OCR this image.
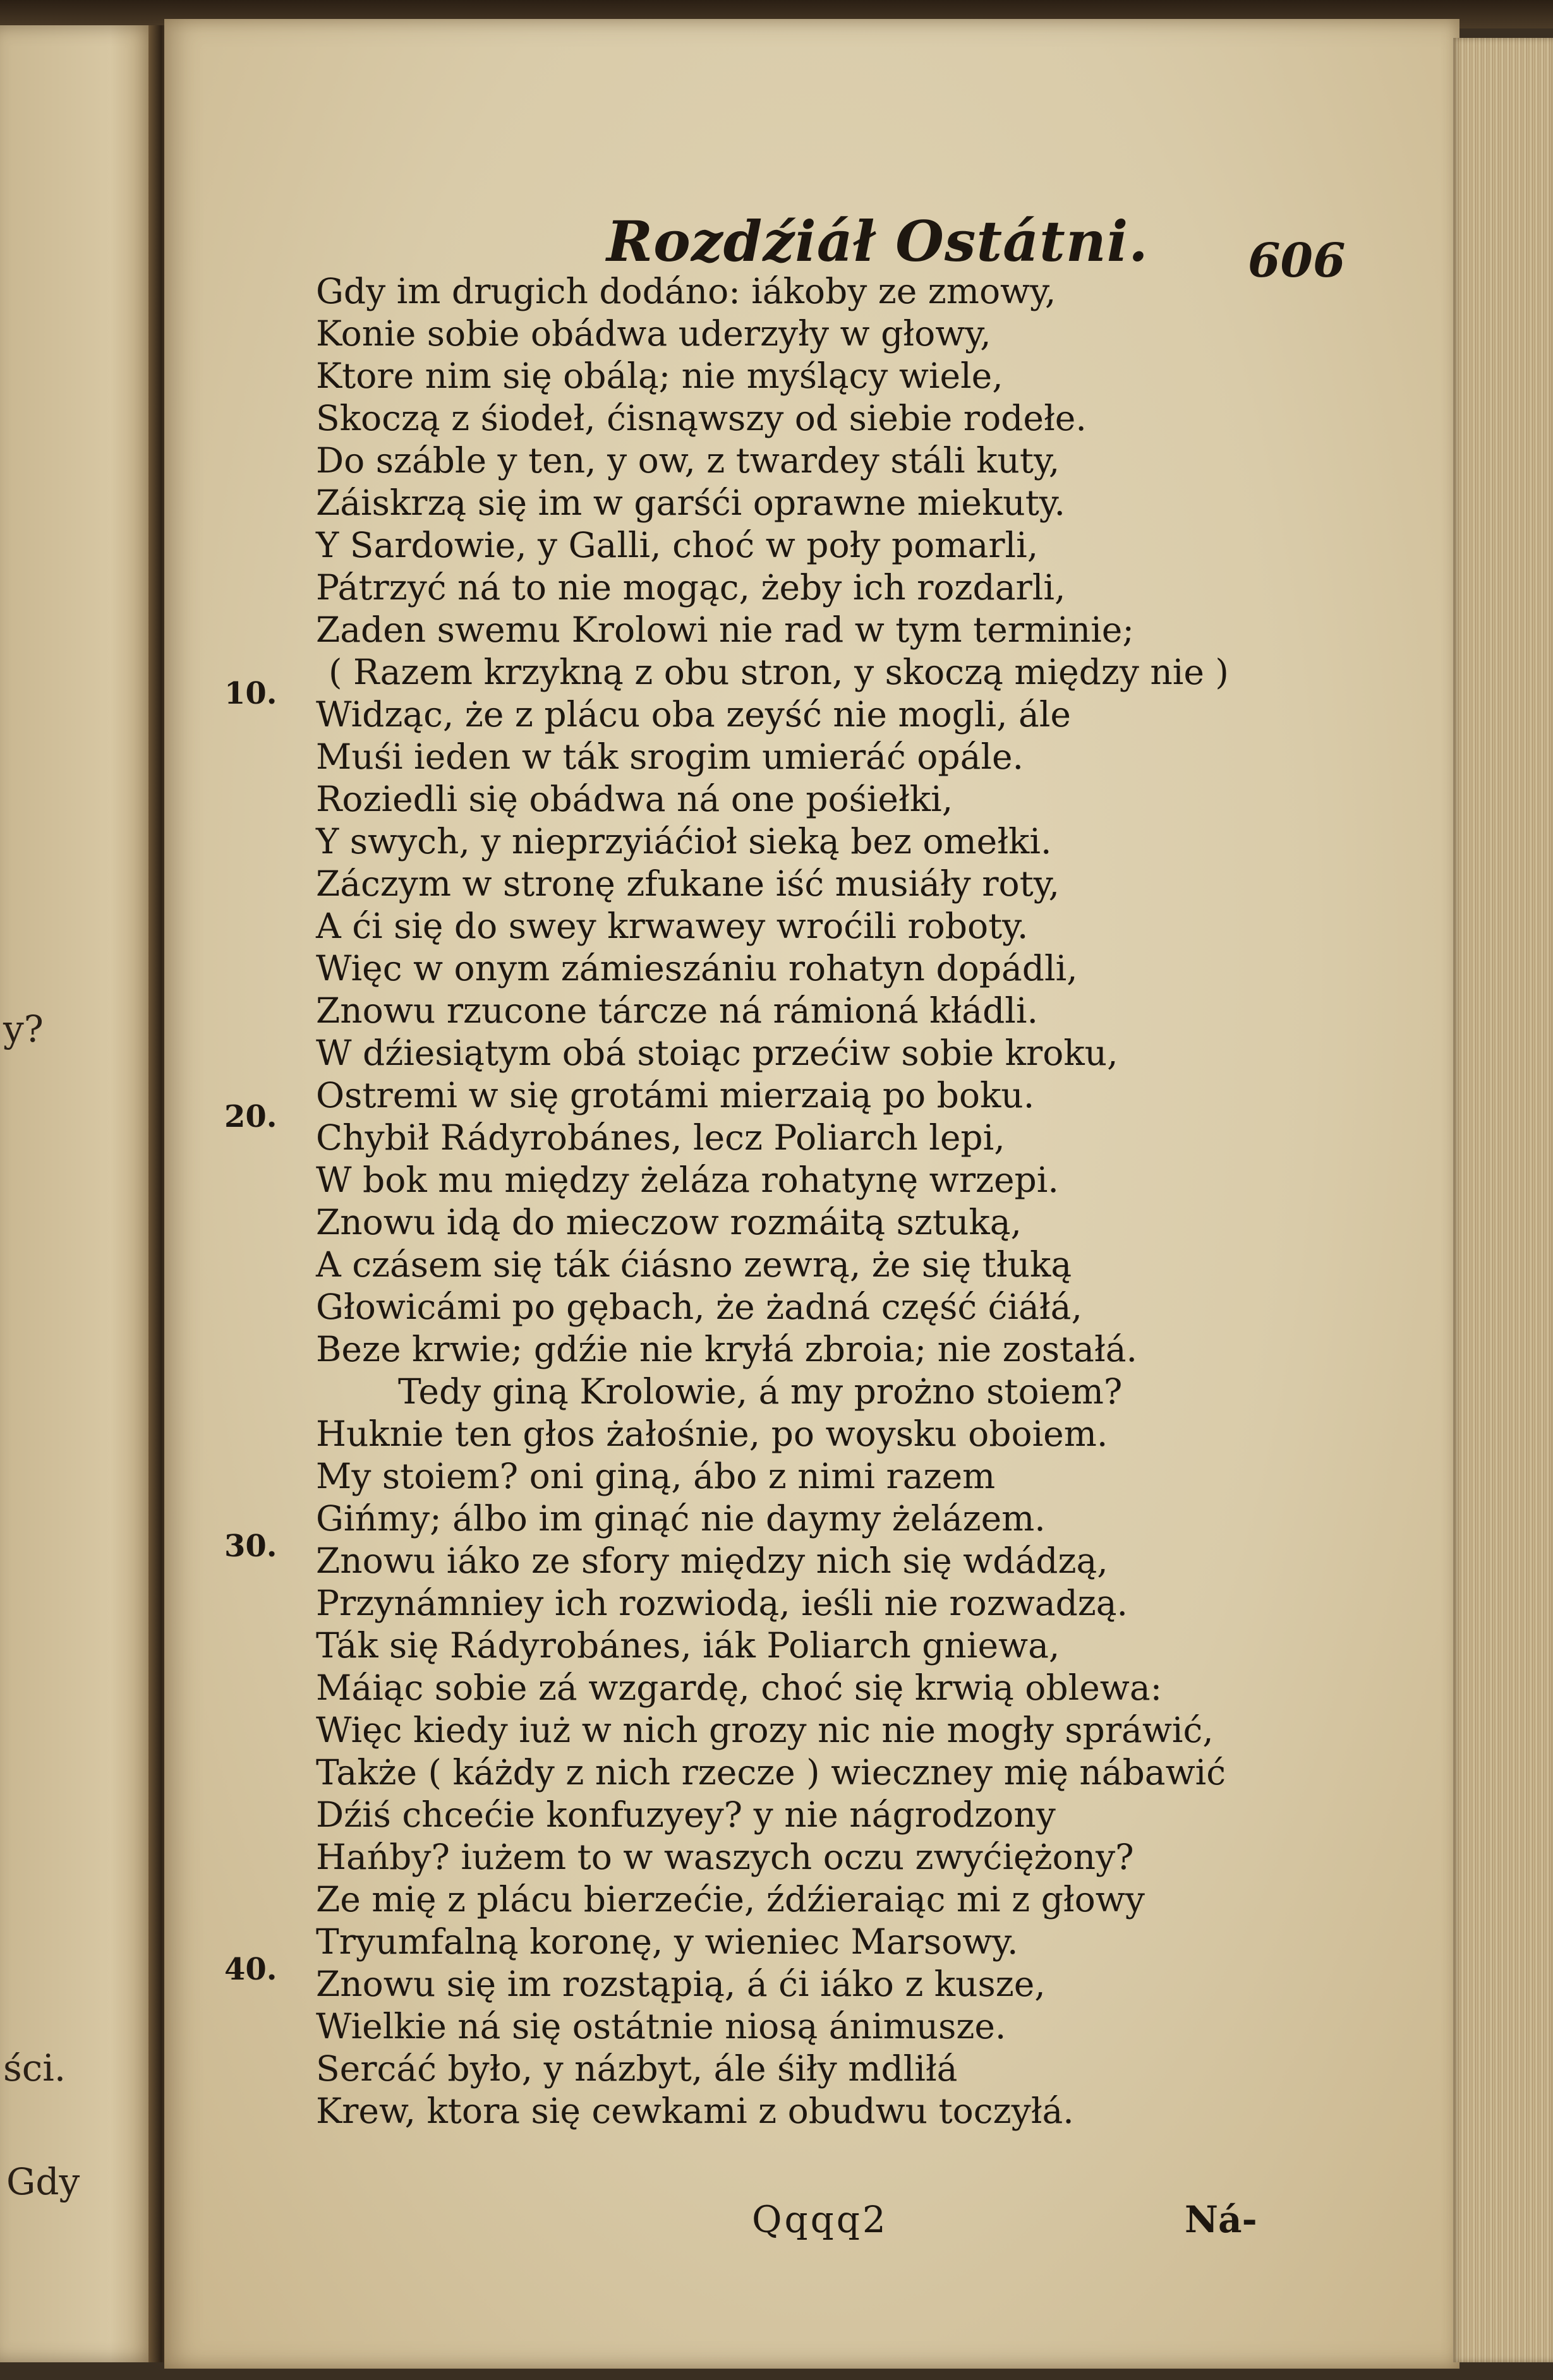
y?
ści.
Gdy
Rozdźiáł Ostátni. 606
10.
20.
30.
40.
Gdy im drugich dodáno: iákoby ze zmowy,
Konie sobie obádwa uderzyły w głowy,
Ktore nim się obálą; nie myślący wiele,
Skoczą z śiodeł, ćisnąwszy od siebie rodełe.
Do száble y ten, y ow, z twardey stáli kuty,
Záiskrzą się im w garśći oprawne miekuty.
Y Sardowie, y Galli, choć w poły pomarli,
Pátrzyć ná to nie mogąc, żeby ich rozdarli,
Zaden swemu Krolowi nie rad w tym terminie;
( Razem krzykną z obu stron, y skoczą między nie )
Widząc, że z plácu oba zeyść nie mogli, ále
Muśi ieden w ták srogim umieráć opále.
Roziedli się obádwa ná one pośiełki,
Y swych, y nieprzyiáćioł sieką bez omełki.
Záczym w stronę zfukane iść musiáły roty,
A ći się do swey krwawey wroćili roboty.
Więc w onym zámieszániu rohatyn dopádli,
Znowu rzucone tárcze ná rámioná kłádli.
W dźiesiątym obá stoiąc przećiw sobie kroku,
Ostremi w się grotámi mierzaią po boku.
Chybił Rádyrobánes, lecz Poliarch lepi,
W bok mu między żeláza rohatynę wrzepi.
Znowu idą do mieczow rozmáitą sztuką,
A czásem się ták ćiásno zewrą, że się tłuką
Głowicámi po gębach, że żadná część ćiáłá,
Beze krwie; gdźie nie kryłá zbroia; nie zostałá.
Tedy giną Krolowie, á my prożno stoiem?
Huknie ten głos żałośnie, po woysku oboiem.
My stoiem? oni giną, ábo z nimi razem
Gińmy; álbo im ginąć nie daymy żelázem.
Znowu iáko ze sfory między nich się wdádzą,
Przynámniey ich rozwiodą, ieśli nie rozwadzą.
Ták się Rádyrobánes, iák Poliarch gniewa,
Máiąc sobie zá wzgardę, choć się krwią oblewa:
Więc kiedy iuż w nich grozy nic nie mogły spráwić,
Także ( káżdy z nich rzecze ) wieczney mię nábawić
Dźiś chcećie konfuzyey? y nie nágrodzony
Hańby? iużem to w waszych oczu zwyćiężony?
Ze mię z plácu bierzećie, źdźieraiąc mi z głowy
Tryumfalną koronę, y wieniec Marsowy.
Znowu się im rozstąpią, á ći iáko z kusze,
Wielkie ná się ostátnie niosą ánimusze.
Sercáć było, y názbyt, ále śiły mdliłá
Krew, ktora się cewkami z obudwu toczyłá.
Qqqq2	Ná-
